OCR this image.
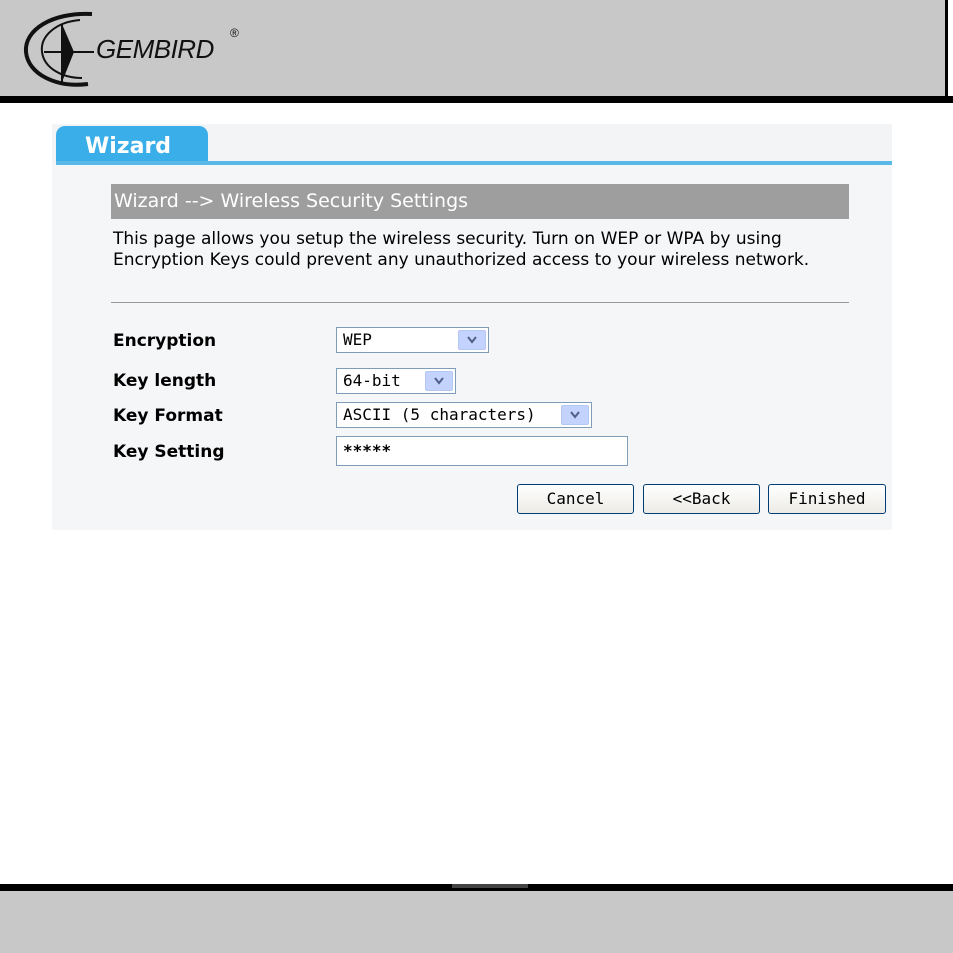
GEMBIRD
®
Wizard
Wizard --> Wireless Security Settings
This page allows you setup the wireless security. Turn on WEP or WPA by using Encryption Keys could prevent any unauthorized access to your wireless network.
Encryption	WEP
Key length	64-bit
Key Format	ASCII (5 characters)
Key Setting	*****
Cancel	<<Back	Finished
